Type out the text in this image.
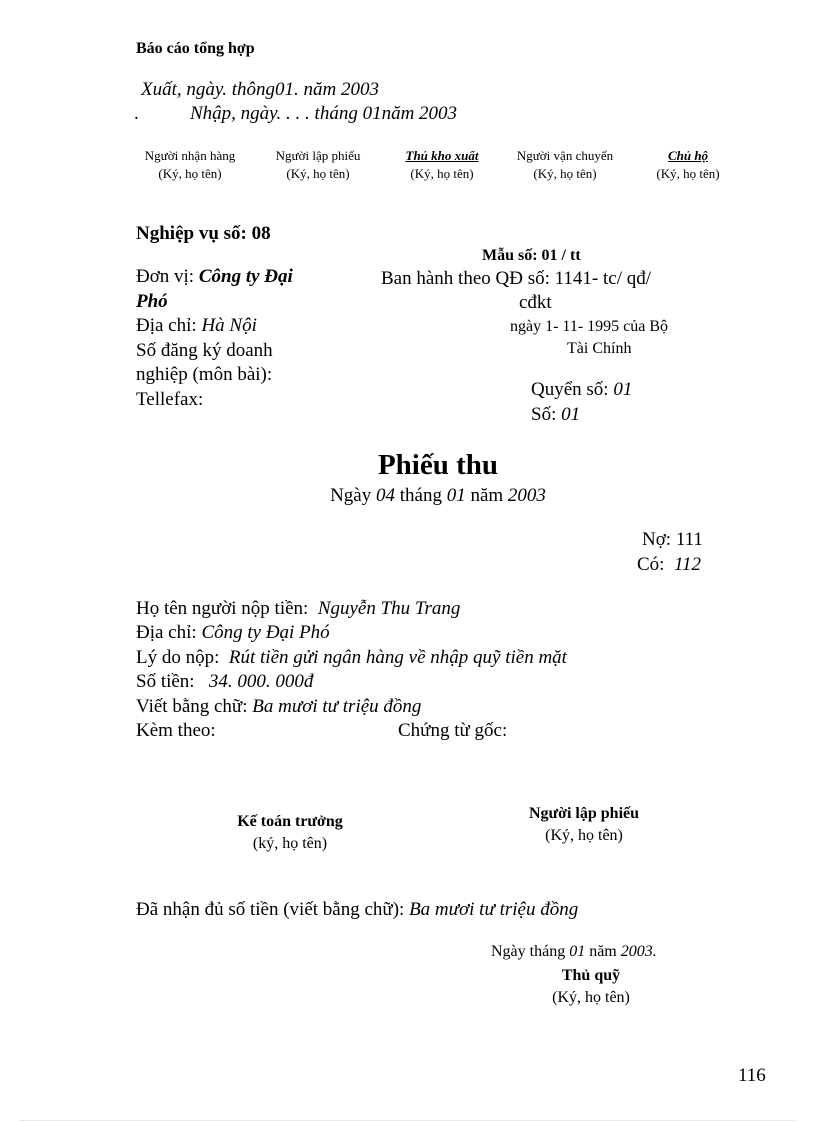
Báo cáo tổng hợp
Xuất, ngày. thông01. năm 2003
.	Nhập, ngày. . . . tháng 01năm 2003
Người nhận hàng
(Ký, họ tên)
Người lập phiếu
(Ký, họ tên)
Thủ kho xuất
(Ký, họ tên)
Người vận chuyển
(Ký, họ tên)
Chủ hộ
(Ký, họ tên)
Nghiệp vụ số: 08
Đơn vị: Công ty Đại
Phó
Địa chỉ: Hà Nội
Số đăng ký doanh
nghiệp (môn bài):
Tellefax:
Mẫu số: 01 / tt
Ban hành theo QĐ số: 1141- tc/ qđ/
cđkt
ngày 1- 11- 1995 của Bộ
Tài Chính
Quyển số: 01
Số: 01
Phiếu thu
Ngày 04 tháng 01 năm 2003
Nợ: 111
Có: 112
Họ tên người nộp tiền: Nguyễn Thu Trang
Địa chỉ: Công ty Đại Phó
Lý do nộp: Rút tiền gửi ngân hàng về nhập quỹ tiền mặt
Số tiền: 34. 000. 000đ
Viết bằng chữ: Ba mươi tư triệu đồng
Kèm theo:	Chứng từ gốc:
Kế toán trưởng
(ký, họ tên)
Người lập phiếu
(Ký, họ tên)
Đã nhận đủ số tiền (viết bằng chữ): Ba mươi tư triệu đồng
Ngày tháng 01 năm 2003.
Thủ quỹ
(Ký, họ tên)
116
